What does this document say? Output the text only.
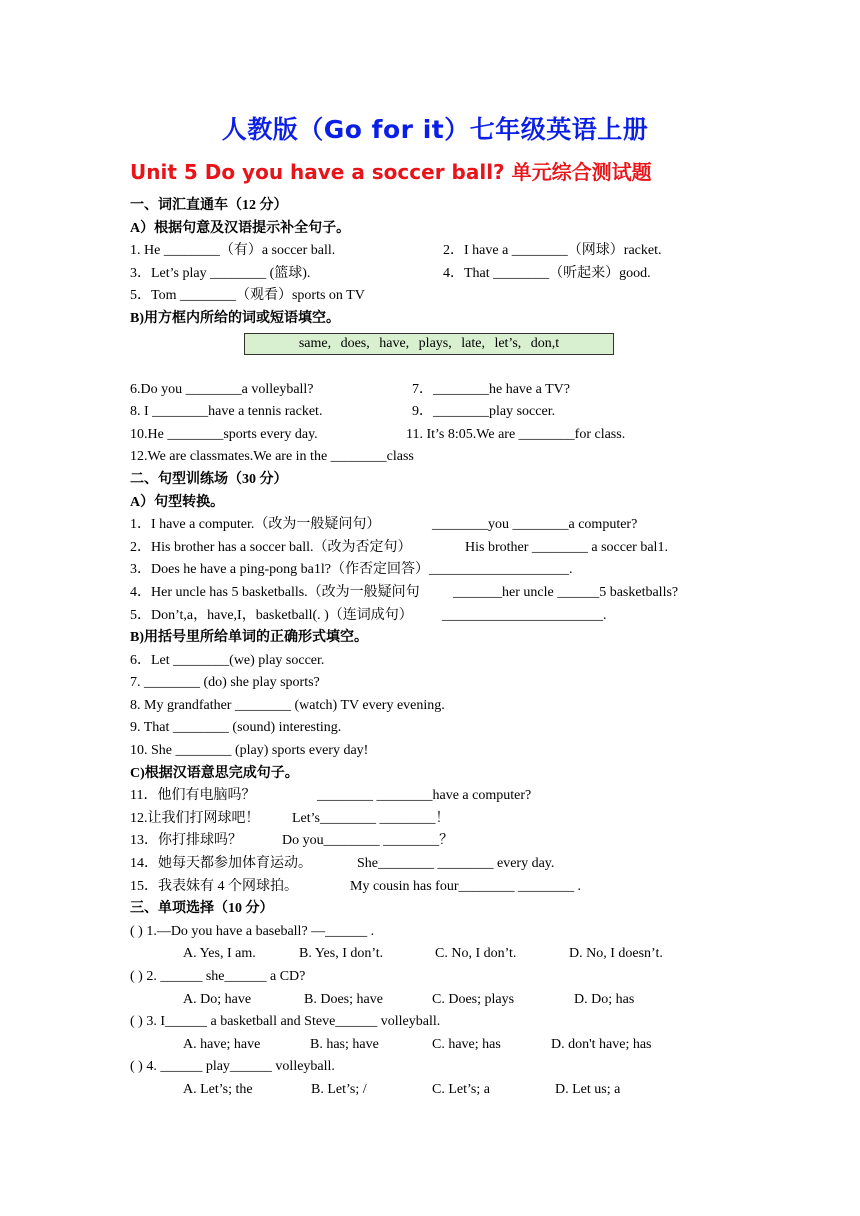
人教版（Go for it）七年级英语上册
Unit 5 Do you have a soccer ball? 单元综合测试题
一、词汇直通车（12 分）
A）根据句意及汉语提示补全句子。
1. He ________（有）a soccer ball.	2．I have a ________（网球）racket.
3．Let’s play ________ (篮球).	4．That ________（听起来）good.
5．Tom ________（观看）sports on TV
B)用方框内所给的词或短语填空。
same, does, have, plays, late, let’s, don,t
6.Do you ________a volleyball?	7．________he have a TV?
8. I ________have a tennis racket.	9．________play soccer.
10.He ________sports every day.	11. It’s 8:05.We are ________for class.
12.We are classmates.We are in the ________class
二、句型训练场（30 分）
A）句型转换。
1．I have a computer.（改为一般疑问句）	________you ________a computer?
2．His brother has a soccer ball.（改为否定句）	His brother ________ a soccer bal1.
3．Does he have a ping-pong ba1l?（作否定回答）____________________.
4．Her uncle has 5 basketballs.（改为一般疑问句 _______her uncle ______5 basketballs?
5．Don’t,a，have,I，basketball(. )（连词成句） _______________________.
B)用括号里所给单词的正确形式填空。
6．Let ________(we) play soccer.
7. ________ (do) she play sports?
8. My grandfather ________ (watch) TV every evening.
9. That ________ (sound) interesting.
10. She ________ (play) sports every day!
C)根据汉语意思完成句子。
11．他们有电脑吗？	________ ________have a computer?
12.让我们打网球吧！ Let’s________ ________！
13．你打排球吗？	Do you________ ________？
14．她每天都参加体育运动。	She________ ________ every day.
15．我表妹有 4 个网球拍。	My cousin has four________ ________ .
三、单项选择（10 分）
( ) 1.—Do you have a baseball? —______ .
A. Yes, I am.	B. Yes, I don’t.	C. No, I don’t.	D. No, I doesn’t.
( ) 2. ______ she______ a CD?
A. Do; have	B. Does; have	C. Does; plays	D. Do; has
( ) 3. I______ a basketball and Steve______ volleyball.
A. have; have	B. has; have	C. have; has	D. don't have; has
( ) 4. ______ play______ volleyball.
A. Let’s; the	B. Let’s; /	C. Let’s; a	D. Let us; a
